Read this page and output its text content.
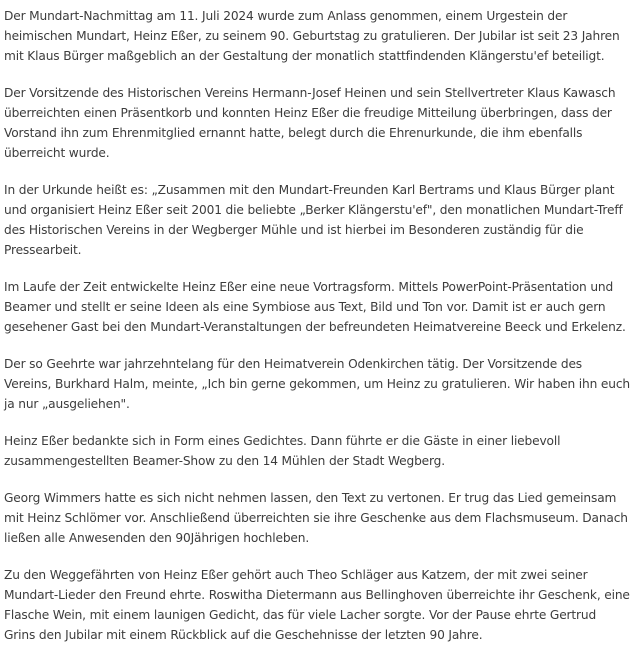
Der Mundart-Nachmittag am 11. Juli 2024 wurde zum Anlass genommen, einem Urgestein der heimischen Mundart, Heinz Eßer, zu seinem 90. Geburtstag zu gratulieren. Der Jubilar ist seit 23 Jahren mit Klaus Bürger maßgeblich an der Gestaltung der monatlich stattfindenden Klängerstu'ef beteiligt.

Der Vorsitzende des Historischen Vereins Hermann-Josef Heinen und sein Stellvertreter Klaus Kawasch überreichten einen Präsentkorb und konnten Heinz Eßer die freudige Mitteilung überbringen, dass der Vorstand ihn zum Ehrenmitglied ernannt hatte, belegt durch die Ehrenurkunde, die ihm ebenfalls überreicht wurde.

In der Urkunde heißt es: „Zusammen mit den Mundart-Freunden Karl Bertrams und Klaus Bürger plant und organisiert Heinz Eßer seit 2001 die beliebte „Berker Klängerstu'ef", den monatlichen Mundart-Treff des Historischen Vereins in der Wegberger Mühle und ist hierbei im Besonderen zuständig für die Pressearbeit.

Im Laufe der Zeit entwickelte Heinz Eßer eine neue Vortragsform. Mittels PowerPoint-Präsentation und Beamer und stellt er seine Ideen als eine Symbiose aus Text, Bild und Ton vor. Damit ist er auch gern gesehener Gast bei den Mundart-Veranstaltungen der befreundeten Heimatvereine Beeck und Erkelenz.

Der so Geehrte war jahrzehntelang für den Heimatverein Odenkirchen tätig. Der Vorsitzende des Vereins, Burkhard Halm, meinte, „Ich bin gerne gekommen, um Heinz zu gratulieren. Wir haben ihn euch ja nur „ausgeliehen".

Heinz Eßer bedankte sich in Form eines Gedichtes. Dann führte er die Gäste in einer liebevoll zusammengestellten Beamer-Show zu den 14 Mühlen der Stadt Wegberg.

Georg Wimmers hatte es sich nicht nehmen lassen, den Text zu vertonen. Er trug das Lied gemeinsam mit Heinz Schlömer vor. Anschließend überreichten sie ihre Geschenke aus dem Flachsmuseum. Danach ließen alle Anwesenden den 90Jährigen hochleben.

Zu den Weggefährten von Heinz Eßer gehört auch Theo Schläger aus Katzem, der mit zwei seiner Mundart-Lieder den Freund ehrte. Roswitha Dietermann aus Bellinghoven überreichte ihr Geschenk, eine Flasche Wein, mit einem launigen Gedicht, das für viele Lacher sorgte. Vor der Pause ehrte Gertrud Grins den Jubilar mit einem Rückblick auf die Geschehnisse der letzten 90 Jahre.
